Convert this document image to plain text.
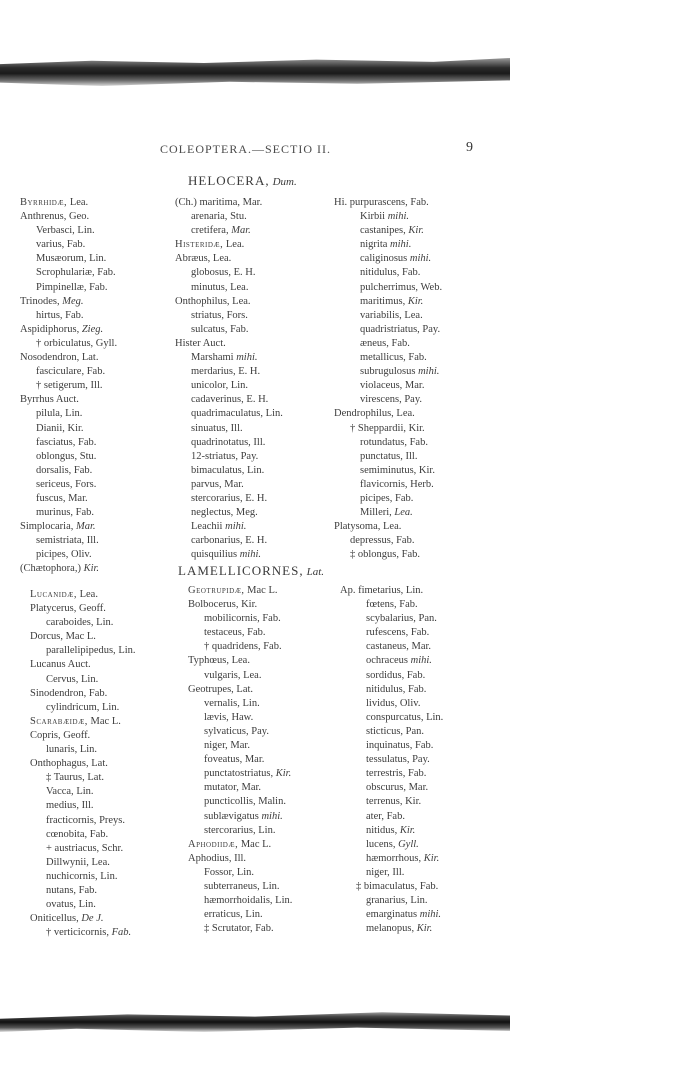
COLEOPTERA.—SECTIO II.	9
HELOCERA, Dum.
Byrrhidæ, Lea.
Anthrenus, Geo.
Verbasci, Lin.
varius, Fab.
Musæorum, Lin.
Scrophulariæ, Fab.
Pimpinellæ, Fab.
Trinodes, Meg.
hirtus, Fab.
Aspidiphorus, Zieg.
† orbiculatus, Gyll.
Nosodendron, Lat.
fasciculare, Fab.
† setigerum, Ill.
Byrrhus Auct.
pilula, Lin.
Dianii, Kir.
fasciatus, Fab.
oblongus, Stu.
dorsalis, Fab.
sericeus, Fors.
fuscus, Mar.
murinus, Fab.
Simplocaria, Mar.
semistriata, Ill.
picipes, Oliv.
(Chætophora,) Kir.
(Ch.) maritima, Mar.
arenaria, Stu.
cretifera, Mar.
Histeridæ, Lea.
Abræus, Lea.
globosus, E. H.
minutus, Lea.
Onthophilus, Lea.
striatus, Fors.
sulcatus, Fab.
Hister Auct.
Marshami mihi.
merdarius, E. H.
unicolor, Lin.
cadaverinus, E. H.
quadrimaculatus, Lin.
sinuatus, Ill.
quadrinotatus, Ill.
12-striatus, Pay.
bimaculatus, Lin.
parvus, Mar.
stercorarius, E. H.
neglectus, Meg.
Leachii mihi.
carbonarius, E. H.
quisquilius mihi.
Hi. purpurascens, Fab.
Kirbii mihi.
castanipes, Kir.
nigrita mihi.
caliginosus mihi.
nitidulus, Fab.
pulcherrimus, Web.
maritimus, Kir.
variabilis, Lea.
quadristriatus, Pay.
æneus, Fab.
metallicus, Fab.
subrugulosus mihi.
violaceus, Mar.
virescens, Pay.
Dendrophilus, Lea.
† Sheppardii, Kir.
rotundatus, Fab.
punctatus, Ill.
semiminutus, Kir.
flavicornis, Herb.
picipes, Fab.
Milleri, Lea.
Platysoma, Lea.
depressus, Fab.
‡ oblongus, Fab.
LAMELLICORNES, Lat.
Lucanidæ, Lea.
Platycerus, Geoff.
caraboides, Lin.
Dorcus, Mac L.
parallelipipedus, Lin.
Lucanus Auct.
Cervus, Lin.
Sinodendron, Fab.
cylindricum, Lin.
Scarabæidæ, Mac L.
Copris, Geoff.
lunaris, Lin.
Onthophagus, Lat.
‡ Taurus, Lat.
Vacca, Lin.
medius, Ill.
fracticornis, Preys.
cœnobita, Fab.
+ austriacus, Schr.
Dillwynii, Lea.
nuchicornis, Lin.
nutans, Fab.
ovatus, Lin.
Oniticellus, De J.
† verticicornis, Fab.
Geotrupidæ, Mac L.
Bolbocerus, Kir.
mobilicornis, Fab.
testaceus, Fab.
† quadridens, Fab.
Typhœus, Lea.
vulgaris, Lea.
Geotrupes, Lat.
vernalis, Lin.
lævis, Haw.
sylvaticus, Pay.
niger, Mar.
foveatus, Mar.
punctatostriatus, Kir.
mutator, Mar.
puncticollis, Malin.
sublævigatus mihi.
stercorarius, Lin.
Aphodiidæ, Mac L.
Aphodius, Ill.
Fossor, Lin.
subterraneus, Lin.
hæmorrhoidalis, Lin.
erraticus, Lin.
‡ Scrutator, Fab.
Ap. fimetarius, Lin.
fœtens, Fab.
scybalarius, Pan.
rufescens, Fab.
castaneus, Mar.
ochraceus mihi.
sordidus, Fab.
nitidulus, Fab.
lividus, Oliv.
conspurcatus, Lin.
sticticus, Pan.
inquinatus, Fab.
tessulatus, Pay.
terrestris, Fab.
obscurus, Mar.
terrenus, Kir.
ater, Fab.
nitidus, Kir.
lucens, Gyll.
hæmorrhous, Kir.
niger, Ill.
‡ bimaculatus, Fab.
granarius, Lin.
emarginatus mihi.
melanopus, Kir.
